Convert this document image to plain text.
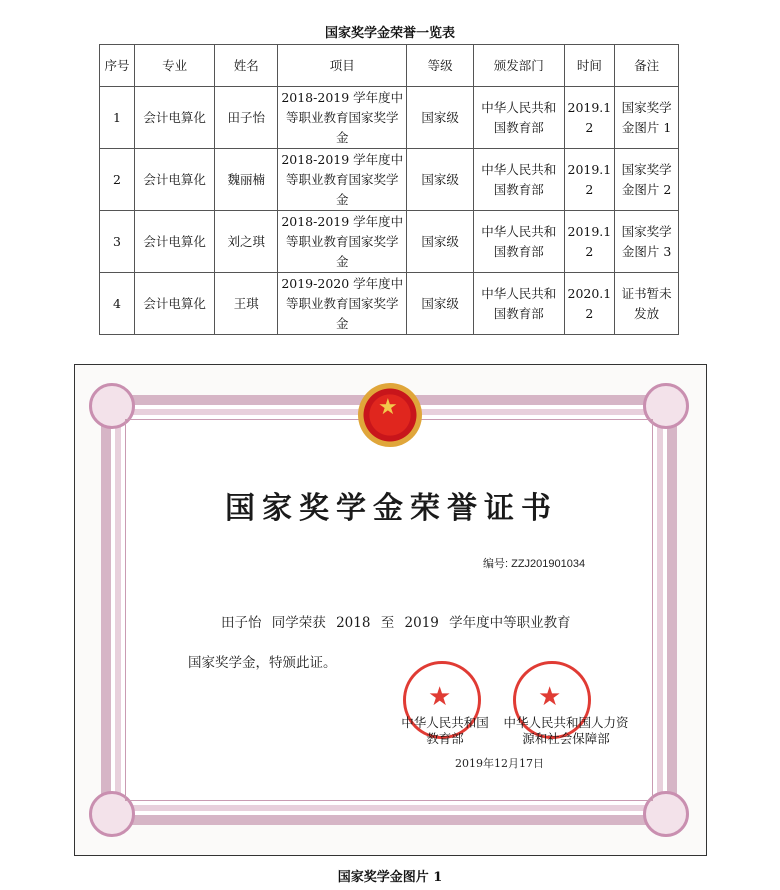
国家奖学金荣誉一览表
序号	专业	姓名	项目	等级	颁发部门	时间	备注
1	会计电算化	田子怡	2018-2019 学年度中等职业教育国家奖学金	国家级	中华人民共和国教育部	2019.12	国家奖学金图片 1
2	会计电算化	魏丽楠	2018-2019 学年度中等职业教育国家奖学金	国家级	中华人民共和国教育部	2019.12	国家奖学金图片 2
3	会计电算化	刘之琪	2018-2019 学年度中等职业教育国家奖学金	国家级	中华人民共和国教育部	2019.12	国家奖学金图片 3
4	会计电算化	王琪	2019-2020 学年度中等职业教育国家奖学金	国家级	中华人民共和国教育部	2020.12	证书暂未发放
★
国家奖学金荣誉证书
编号: ZZJ201901034
田子怡 同学荣获 2018 至 2019 学年度中等职业教育
国家奖学金，特颁此证。
★	★
中华人民共和国教育部
中华人民共和国人力资源和社会保障部
2019年12月17日
国家奖学金图片 1
